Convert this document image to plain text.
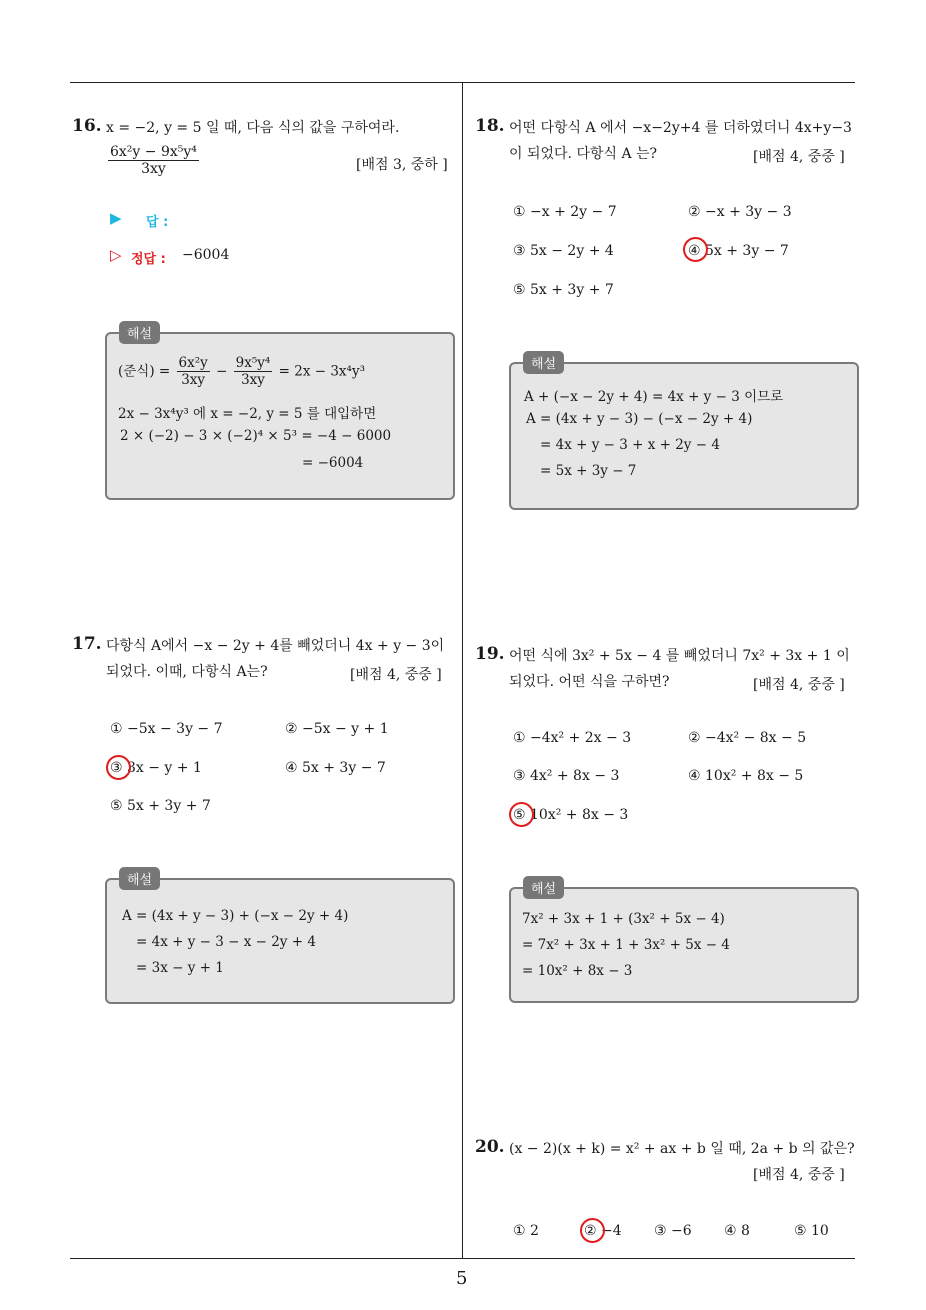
5
16. x = −2, y = 5 일 때, 다음 식의 값을 구하여라.
$\frac{\text{6x²y − 9x⁵y⁴}}{3xy}$	[배점 3, 중하 ]
▶ 답 :
▷ 정답 : −6004
해설
(준식) = $\frac{\text{6x²y}}{3xy} - \frac{\text{9x⁵y⁴}}{3xy} = 2x - 3x^4y^3$
2x − 3x⁴y³ 에 x = −2, y = 5 를 대입하면
2 × (−2) − 3 × (−2)⁴ × 5³ = −4 − 6000
= −6004
17. 다항식 A에서 −x − 2y + 4를 빼었더니 4x + y − 3이
되었다. 이때, 다항식 A는?	[배점 4, 중중 ]
① −5x − 3y − 7	② −5x − y + 1
③ 3x − y + 1	④ 5x + 3y − 7
⑤ 5x + 3y + 7
해설
A = (4x + y − 3) + (−x − 2y + 4)
= 4x + y − 3 − x − 2y + 4
= 3x − y + 1
18. 어떤 다항식 A 에서 −x−2y+4 를 더하였더니 4x+y−3
이 되었다. 다항식 A 는?	[배점 4, 중중 ]
① −x + 2y − 7	② −x + 3y − 3
③ 5x − 2y + 4	④ 5x + 3y − 7
⑤ 5x + 3y + 7
해설
A + (−x − 2y + 4) = 4x + y − 3 이므로
A = (4x + y − 3) − (−x − 2y + 4)
= 4x + y − 3 + x + 2y − 4
= 5x + 3y − 7
19. 어떤 식에 3x² + 5x − 4 를 빼었더니 7x² + 3x + 1 이
되었다. 어떤 식을 구하면?	[배점 4, 중중 ]
① −4x² + 2x − 3	② −4x² − 8x − 5
③ 4x² + 8x − 3	④ 10x² + 8x − 5
⑤ 10x² + 8x − 3
해설
7x² + 3x + 1 + (3x² + 5x − 4)
= 7x² + 3x + 1 + 3x² + 5x − 4
= 10x² + 8x − 3
20. (x − 2)(x + k) = x² + ax + b 일 때, 2a + b 의 값은?
[배점 4, 중중 ]
① 2	② −4 ③ −6 ④ 8	⑤ 10
